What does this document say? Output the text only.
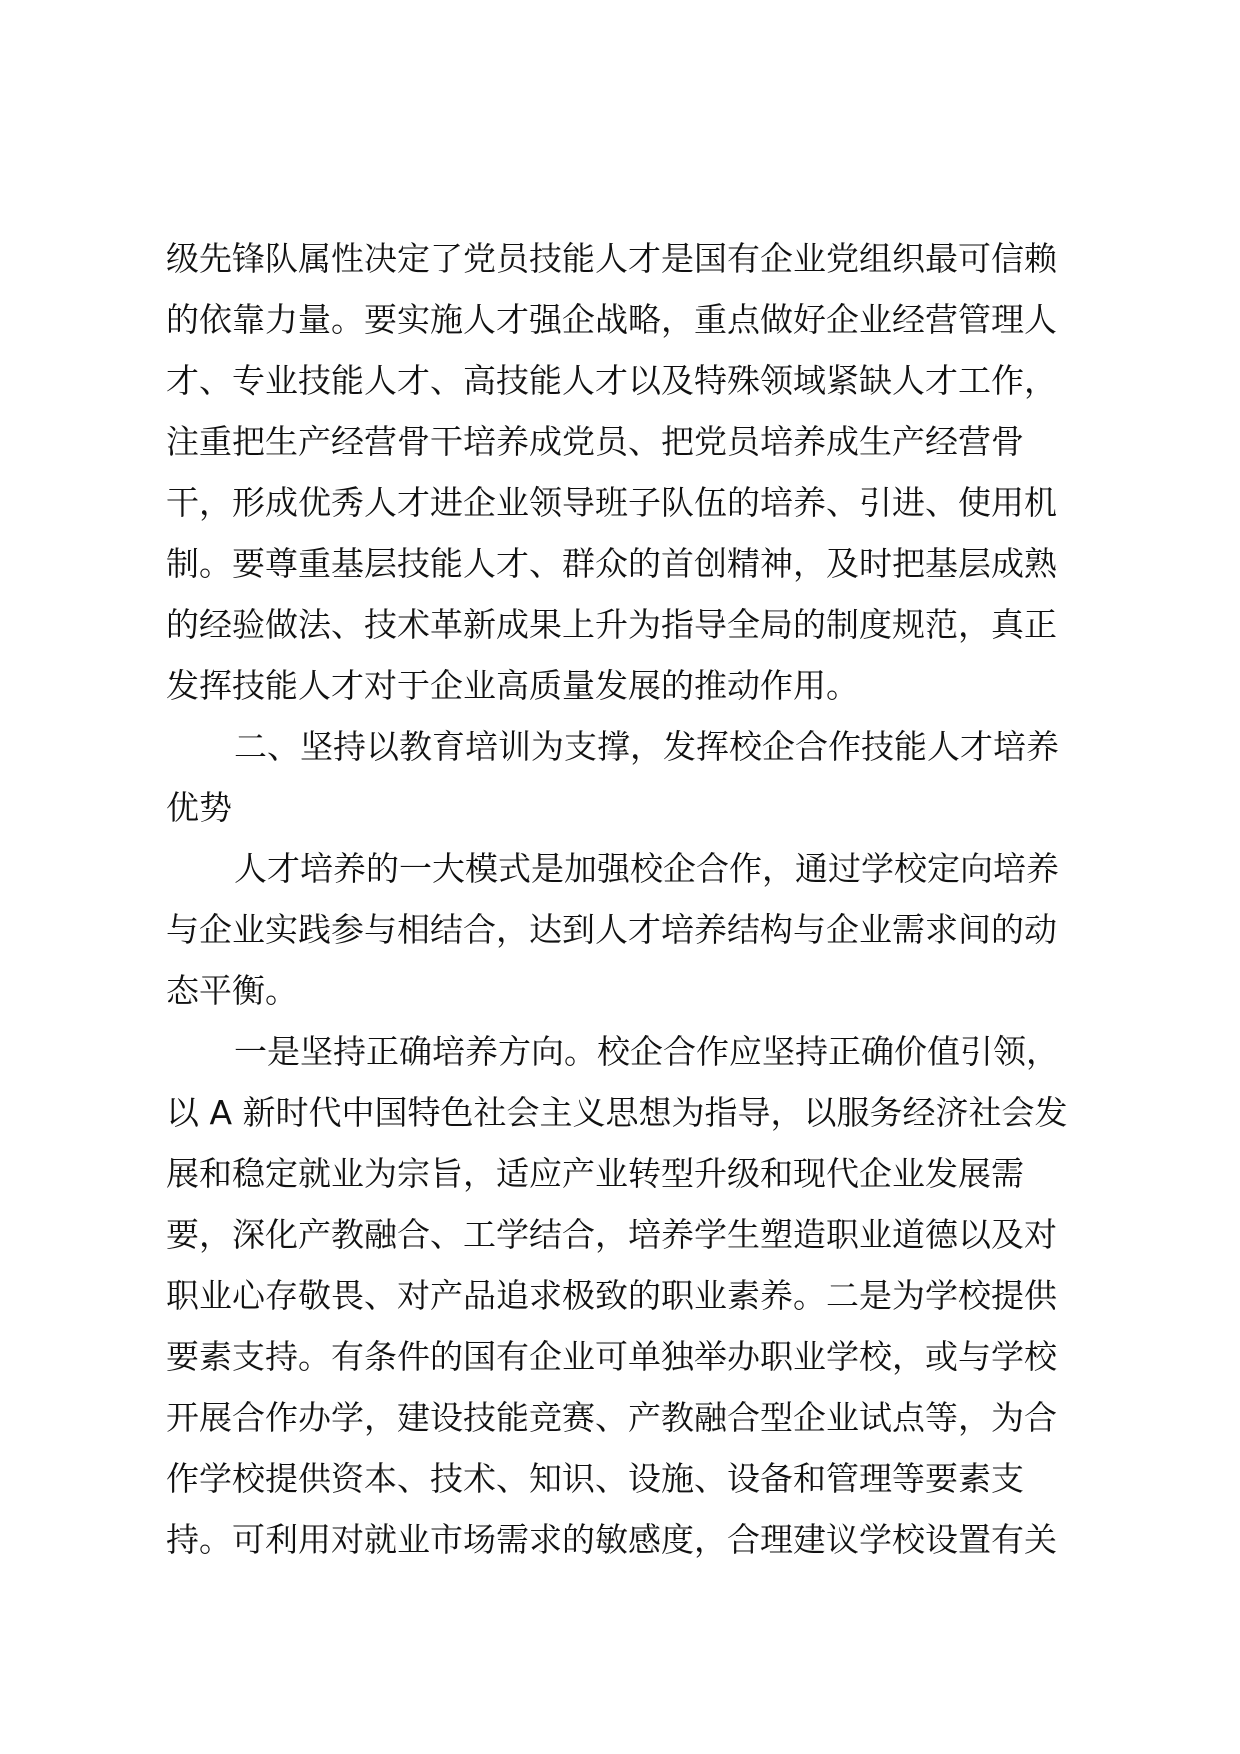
级先锋队属性决定了党员技能人才是国有企业党组织最可信赖
的依靠力量。要实施人才强企战略，重点做好企业经营管理人
才、专业技能人才、高技能人才以及特殊领域紧缺人才工作，
注重把生产经营骨干培养成党员、把党员培养成生产经营骨
干，形成优秀人才进企业领导班子队伍的培养、引进、使用机
制。要尊重基层技能人才、群众的首创精神，及时把基层成熟
的经验做法、技术革新成果上升为指导全局的制度规范，真正
发挥技能人才对于企业高质量发展的推动作用。
二、坚持以教育培训为支撑，发挥校企合作技能人才培养
优势
人才培养的一大模式是加强校企合作，通过学校定向培养
与企业实践参与相结合，达到人才培养结构与企业需求间的动
态平衡。
一是坚持正确培养方向。校企合作应坚持正确价值引领，
以 A 新时代中国特色社会主义思想为指导，以服务经济社会发
展和稳定就业为宗旨，适应产业转型升级和现代企业发展需
要，深化产教融合、工学结合，培养学生塑造职业道德以及对
职业心存敬畏、对产品追求极致的职业素养。二是为学校提供
要素支持。有条件的国有企业可单独举办职业学校，或与学校
开展合作办学，建设技能竞赛、产教融合型企业试点等，为合
作学校提供资本、技术、知识、设施、设备和管理等要素支
持。可利用对就业市场需求的敏感度，合理建议学校设置有关
